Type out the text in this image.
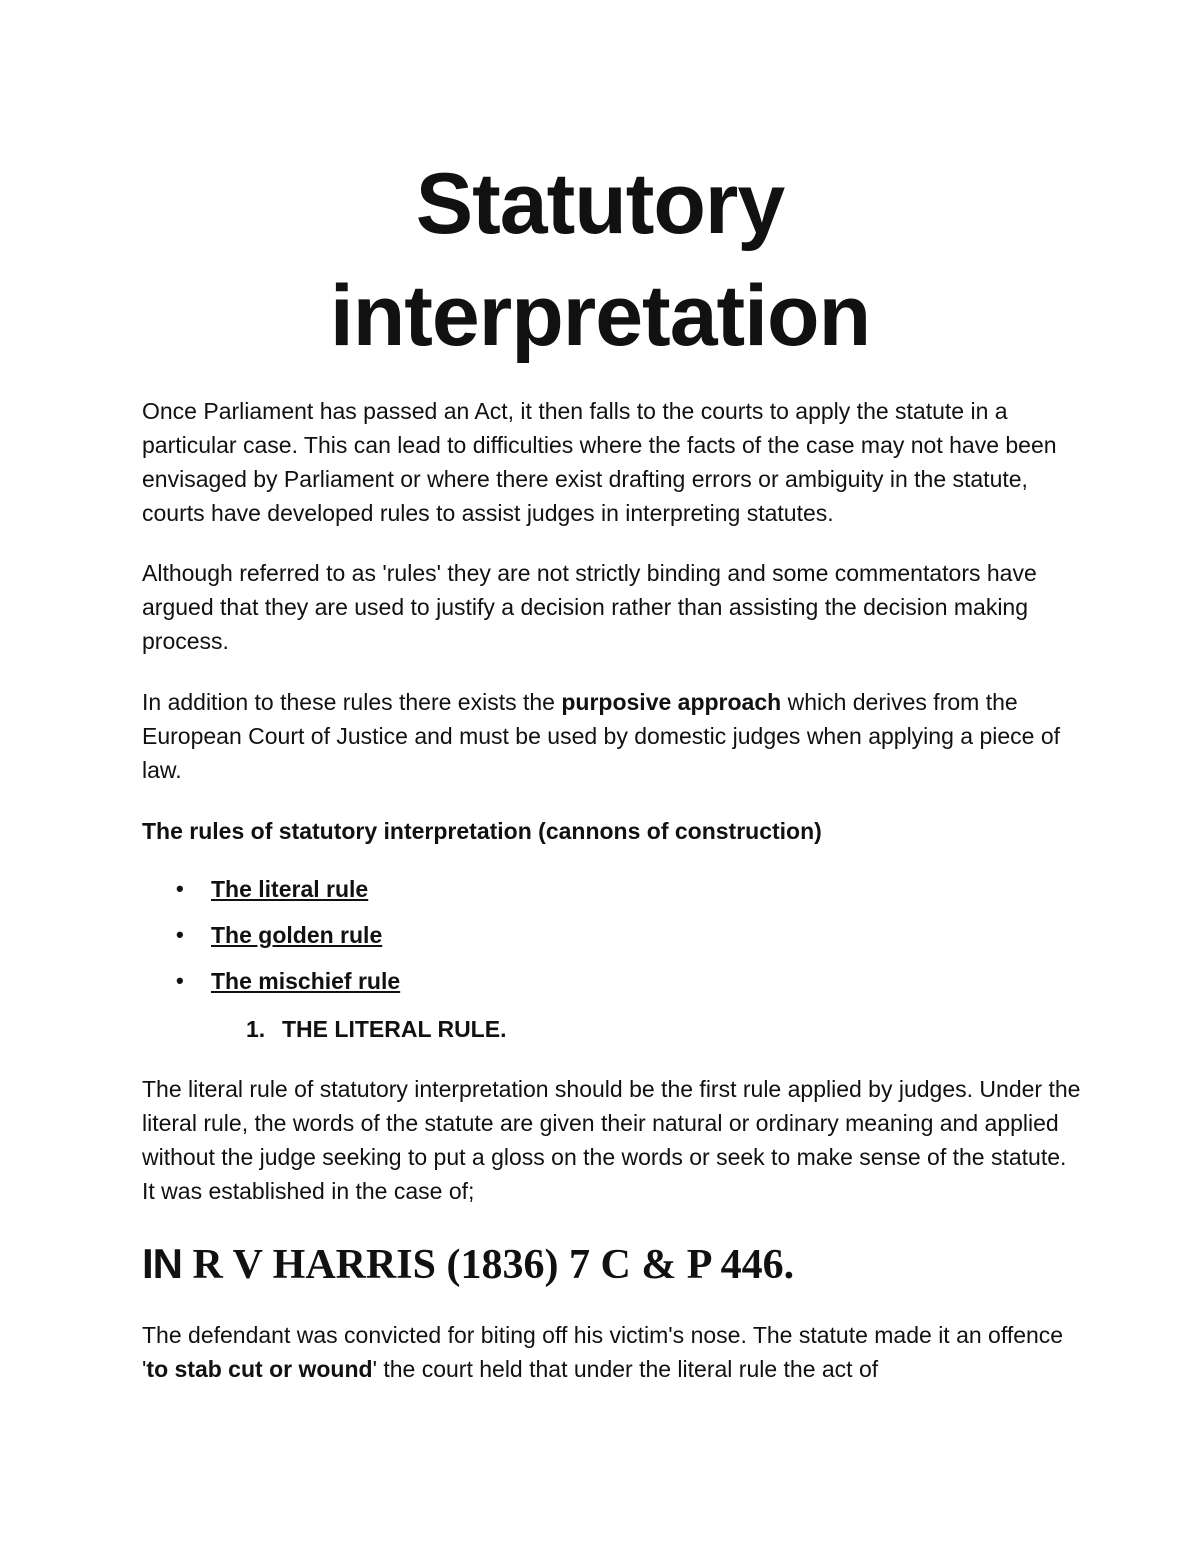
Statutory
interpretation

Once Parliament has passed an Act, it then falls to the courts to apply the statute in a particular case. This can lead to difficulties where the facts of the case may not have been envisaged by Parliament or where there exist drafting errors or ambiguity in the statute, courts have developed rules to assist judges in interpreting statutes.

Although referred to as 'rules' they are not strictly binding and some commentators have argued that they are used to justify a decision rather than assisting the decision making process.

In addition to these rules there exists the purposive approach which derives from the European Court of Justice and must be used by domestic judges when applying a piece of law.

The rules of statutory interpretation (cannons of construction)

•	The literal rule
•	The golden rule
•	The mischief rule
1. THE LITERAL RULE.

The literal rule of statutory interpretation should be the first rule applied by judges. Under the literal rule, the words of the statute are given their natural or ordinary meaning and applied without the judge seeking to put a gloss on the words or seek to make sense of the statute. It was established in the case of;

IN R V HARRIS (1836) 7 C & P 446.

The defendant was convicted for biting off his victim's nose. The statute made it an offence 'to stab cut or wound' the court held that under the literal rule the act of
